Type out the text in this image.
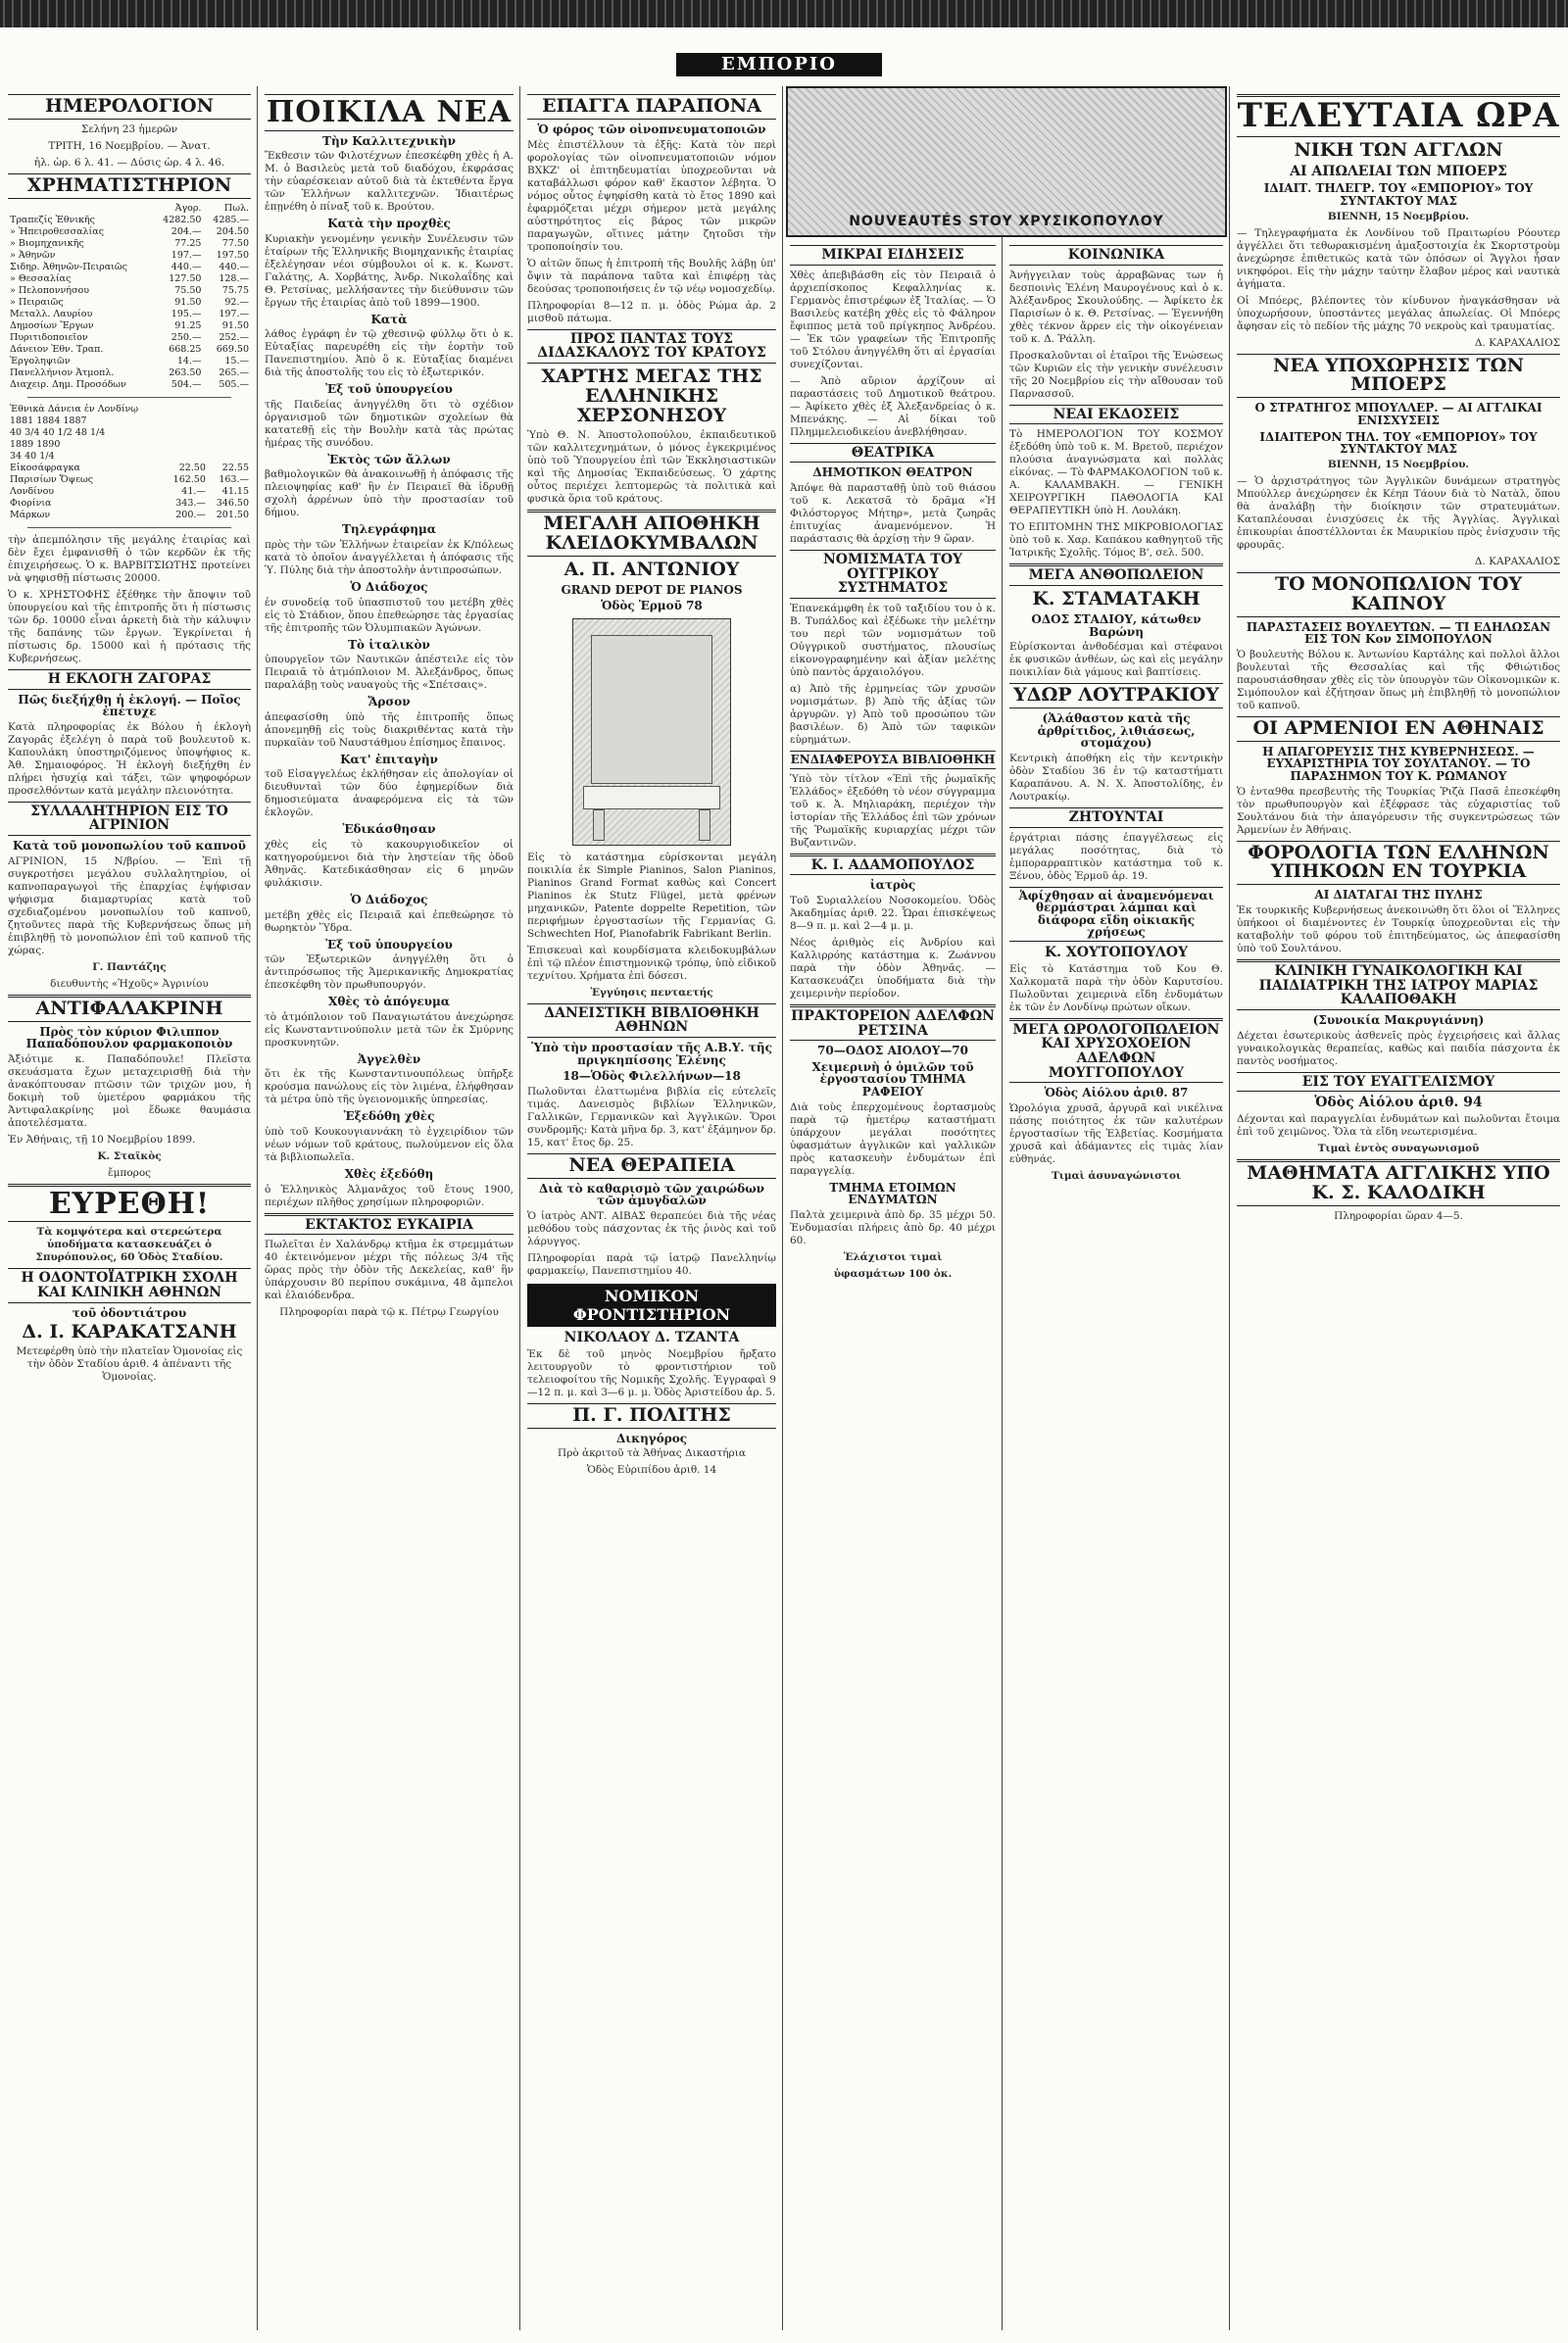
ΕΜΠΟΡΙΟ
ΗΜΕΡΟΛΟΓΙΟΝ
Σελήνη 23 ἡμερῶν
ΤΡΙΤΗ, 16 Νοεμβρίου. — Ἀνατ.
ἡλ. ὡρ. 6 λ. 41. — Δύσις ὡρ. 4 λ. 46.
ΧΡΗΜΑΤΙΣΤΗΡΙΟΝ
	Ἀγορ.	Πωλ.
Τραπεζίς Ἐθνικῆς	4282.50	4285.—
» Ἠπειροθεσσαλίας	204.—	204.50
» Βιομηχανικῆς	77.25	77.50
» Ἀθηνῶν	197.—	197.50
Σιδηρ. Ἀθηνῶν-Πειραιῶς	440.—	440.—
» Θεσσαλίας	127.50	128.—
» Πελοποννήσου	75.50	75.75
» Πειραιῶς	91.50	92.—
Μεταλλ. Λαυρίου	195.—	197.—
Δημοσίων Ἔργων	91.25	91.50
Πυριτιδοποιεῖον	250.—	252.—
Δάνειον Ἐθν. Τραπ.	668.25	669.50
Ἐργοληψιῶν	14.—	15.—
Πανελλήνιον Ἀτμοπλ.	263.50	265.—
Διαχειρ. Δημ. Προσόδων	504.—	505.—
Ἐθνικὰ Δάνεια ἐν Λονδίνῳ		
1881 1884 1887		
40 3/4 40 1/2 48 1/4		
1889 1890		
34 40 1/4		
Εἰκοσάφραγκα	22.50	22.55
Παρισίων Ὄψεως	162.50	163.—
Λονδίνου	41.—	41.15
Φιορίνια	343.—	346.50
Μάρκων	200.—	201.50

τὴν ἀπεμπόλησιν τῆς μεγάλης ἐταιρίας καὶ δὲν ἔχει ἐμφανισθῆ ὁ τῶν κερδῶν ἐκ τῆς ἐπιχειρήσεως. Ὁ κ. ΒΑΡΒΙΤΣΙΩΤΗΣ προτείνει νὰ ψηφισθῇ πίστωσις 20000.

Ὁ κ. ΧΡΗΣΤΟΦΗΣ ἐξέθηκε τὴν ἄποψιν τοῦ ὑπουργείου καὶ τῆς ἐπιτροπῆς ὅτι ἡ πίστωσις τῶν δρ. 10000 εἶναι ἀρκετὴ διὰ τὴν κάλυψιν τῆς δαπάνης τῶν ἔργων. Ἐγκρίνεται ἡ πίστωσις δρ. 15000 καὶ ἡ πρότασις τῆς Κυβερνήσεως.

Η ΕΚΛΟΓΗ ΖΑΓΟΡΑΣ
Πῶς διεξήχθη ἡ ἐκλογή. — Ποῖος ἐπέτυχε

Κατὰ πληροφορίας ἐκ Βόλου ἡ ἐκλογὴ Ζαγορᾶς ἐξελέγη ὁ παρὰ τοῦ βουλευτοῦ κ. Καπουλάκη ὑποστηριζόμενος ὑποψήφιος κ. Ἀθ. Σημαιοφόρος. Ἡ ἐκλογὴ διεξήχθη ἐν πλήρει ἡσυχίᾳ καὶ τάξει, τῶν ψηφοφόρων προσελθόντων κατὰ μεγάλην πλειονότητα.

ΣΥΛΛΑΛΗΤΗΡΙΟΝ ΕΙΣ ΤΟ ΑΓΡΙΝΙΟΝ
Κατὰ τοῦ μονοπωλίου τοῦ καπνοῦ

ΑΓΡΙΝΙΟΝ, 15 Ν/βρίου. — Ἐπὶ τῇ συγκροτήσει μεγάλου συλλαλητηρίου, οἱ καπνοπαραγωγοὶ τῆς ἐπαρχίας ἐψήφισαν ψήφισμα διαμαρτυρίας κατὰ τοῦ σχεδιαζομένου μονοπωλίου τοῦ καπνοῦ, ζητοῦντες παρὰ τῆς Κυβερνήσεως ὅπως μὴ ἐπιβληθῇ τὸ μονοπώλιον ἐπὶ τοῦ καπνοῦ τῆς χώρας.

Γ. Παντάζης
διευθυντὴς «Ἠχοῦς» Ἀγρινίου
ΑΝΤΙΦΑΛΑΚΡΙΝΗ
Πρὸς τὸν κύριον Φιλιππον Παπαδόπουλον φαρμακοποιὸν

Ἀξιότιμε κ. Παπαδόπουλε! Πλεῖστα σκευάσματα ἔχων μεταχειρισθῇ διὰ τὴν ἀνακόπτουσαν πτῶσιν τῶν τριχῶν μου, ἡ δοκιμὴ τοῦ ὑμετέρου φαρμάκου τῆς Ἀντιφαλακρίνης μοὶ ἔδωκε θαυμάσια ἀποτελέσματα.

Ἐν Ἀθήναις, τῇ 10 Νοεμβρίου 1899.
Κ. Σταϊκὸς
ἔμπορος
ΕΥΡΕΘΗ!

Τὰ κομψότερα καὶ στερεώτερα ὑποδήματα κατασκευάζει ὁ Σπυρόπουλος, 60 Ὁδὸς Σταδίου.

Η ΟΔΟΝΤΟΪΑΤΡΙΚΗ ΣΧΟΛΗ ΚΑΙ ΚΛΙΝΙΚΗ ΑΘΗΝΩΝ
τοῦ ὀδοντιάτρου
Δ. Ι. ΚΑΡΑΚΑΤΣΑΝΗ

Μετεφέρθη ὑπὸ τὴν πλατεῖαν Ὁμονοίας εἰς τὴν ὁδὸν Σταδίου ἀριθ. 4 ἀπέναντι τῆς Ὁμονοίας.

ΠΟΙΚΙΛΑ ΝΕΑ
Τὴν Καλλιτεχνικὴν

Ἔκθεσιν τῶν Φιλοτέχνων ἐπεσκέφθη χθὲς ἡ Α. Μ. ὁ Βασιλεὺς μετὰ τοῦ διαδόχου, ἐκφράσας τὴν εὐαρέσκειαν αὐτοῦ διὰ τὰ ἐκτεθέντα ἔργα τῶν Ἑλλήνων καλλιτεχνῶν. Ἰδιαιτέρως ἐπῃνέθη ὁ πίναξ τοῦ κ. Βρούτου.

Κατὰ τὴν προχθὲς

Κυριακὴν γενομένην γενικὴν Συνέλευσιν τῶν ἑταίρων τῆς Ἑλληνικῆς Βιομηχανικῆς ἑταιρίας ἐξελέγησαν νέοι σύμβουλοι οἱ κ. κ. Κωνστ. Γαλάτης, Α. Χορβάτης, Ἀνδρ. Νικολαΐδης καὶ Θ. Ρετσίνας, μελλήσαντες τὴν διεύθυνσιν τῶν ἔργων τῆς ἑταιρίας ἀπὸ τοῦ 1899—1900.

Κατὰ

λάθος ἐγράφη ἐν τῷ χθεσινῷ φύλλῳ ὅτι ὁ κ. Εὐταξίας παρευρέθη εἰς τὴν ἑορτὴν τοῦ Πανεπιστημίου. Ἀπὸ ὃ κ. Εὐταξίας διαμένει διὰ τῆς ἀποστολῆς του εἰς τὸ ἐξωτερικόν.

Ἐξ τοῦ ὑπουργείου

τῆς Παιδείας ἀνηγγέλθη ὅτι τὸ σχέδιον ὀργανισμοῦ τῶν δημοτικῶν σχολείων θὰ κατατεθῇ εἰς τὴν Βουλὴν κατὰ τὰς πρώτας ἡμέρας τῆς συνόδου.

Ἐκτὸς τῶν ἄλλων

βαθμολογικῶν θὰ ἀνακοινωθῇ ἡ ἀπόφασις τῆς πλειοψηφίας καθ' ἣν ἐν Πειραιεῖ θὰ ἱδρυθῇ σχολὴ ἀρρένων ὑπὸ τὴν προστασίαν τοῦ δήμου.

Τηλεγράφημα

πρὸς τὴν τῶν Ἐλλήνων ἑταιρείαν ἐκ Κ/πόλεως κατὰ τὸ ὁποῖον ἀναγγέλλεται ἡ ἀπόφασις τῆς Ὑ. Πύλης διὰ τὴν ἀποστολὴν ἀντιπροσώπων.

Ὁ Διάδοχος

ἐν συνοδείᾳ τοῦ ὑπασπιστοῦ του μετέβη χθὲς εἰς τὸ Στάδιον, ὅπου ἐπεθεώρησε τὰς ἐργασίας τῆς ἐπιτροπῆς τῶν Ὀλυμπιακῶν Ἀγώνων.

Τὸ ἰταλικὸν

ὑπουργεῖον τῶν Ναυτικῶν ἀπέστειλε εἰς τὸν Πειραιᾶ τὸ ἀτμόπλοιον Μ. Ἀλεξάνδρος, ὅπως παραλάβῃ τοὺς ναυαγοὺς τῆς «Σπέτσαις».

Ἄρσον

ἀπεφασίσθη ὑπὸ τῆς ἐπιτροπῆς ὅπως ἀπονεμηθῇ εἰς τοὺς διακριθέντας κατὰ τὴν πυρκαϊὰν τοῦ Ναυστάθμου ἐπίσημος ἔπαινος.

Κατ' ἐπιταγὴν

τοῦ Εἰσαγγελέως ἐκλήθησαν εἰς ἀπολογίαν οἱ διευθυνταὶ τῶν δύο ἐφημερίδων διὰ δημοσιεύματα ἀναφερόμενα εἰς τὰ τῶν ἐκλογῶν.

Ἐδικάσθησαν

χθὲς εἰς τὸ κακουργιοδικεῖον οἱ κατηγορούμενοι διὰ τὴν ληστείαν τῆς ὁδοῦ Ἀθηνᾶς. Κατεδικάσθησαν εἰς 6 μηνῶν φυλάκισιν.

Ὁ Διάδοχος

μετέβη χθὲς εἰς Πειραιᾶ καὶ ἐπεθεώρησε τὸ θωρηκτὸν Ὕδρα.

Ἐξ τοῦ ὑπουργείου

τῶν Ἐξωτερικῶν ἀνηγγέλθη ὅτι ὁ ἀντιπρόσωπος τῆς Ἀμερικανικῆς Δημοκρατίας ἐπεσκέφθη τὸν πρωθυπουργόν.

Χθὲς τὸ ἀπόγευμα

τὸ ἀτμόπλοιον τοῦ Παναγιωτάτου ἀνεχώρησε εἰς Κωνσταντινούπολιν μετὰ τῶν ἐκ Σμύρνης προσκυνητῶν.

Ἀγγελθὲν

ὅτι ἐκ τῆς Κωνσταντινουπόλεως ὑπῆρξε κρούσμα πανώλους εἰς τὸν λιμένα, ἐλήφθησαν τὰ μέτρα ὑπὸ τῆς ὑγειονομικῆς ὑπηρεσίας.

Ἐξεδόθη χθὲς

ὑπὸ τοῦ Κουκουγιαννάκη τὸ ἐγχειρίδιον τῶν νέων νόμων τοῦ κράτους, πωλούμενον εἰς ὅλα τὰ βιβλιοπωλεῖα.

Χθὲς ἐξεδόθη

ὁ Ἑλληνικὸς Ἀλμανᾶχος τοῦ ἔτους 1900, περιέχων πλῆθος χρησίμων πληροφοριῶν.

ΕΚΤΑΚΤΟΣ ΕΥΚΑΙΡΙΑ

Πωλεῖται ἐν Χαλάνδρῳ κτῆμα ἐκ στρεμμάτων 40 ἐκτεινόμενον μέχρι τῆς πόλεως 3/4 τῆς ὥρας πρὸς τὴν ὁδὸν τῆς Δεκελείας, καθ' ἣν ὑπάρχουσιν 80 περίπου συκάμινα, 48 ἄμπελοι καὶ ἐλαιόδενδρα.

Πληροφορίαι παρὰ τῷ κ. Πέτρῳ Γεωργίου
ΕΠΑΓΓΑ ΠΑΡΑΠΟΝΑ
Ὁ φόρος τῶν οἰνοπνευματοποιῶν

Μὲς ἐπιστέλλουν τὰ ἑξῆς: Κατὰ τὸν περὶ φορολογίας τῶν οἰνοπνευματοποιῶν νόμον ΒΧΚΖ' οἱ ἐπιτηδευματίαι ὑποχρεοῦνται νὰ καταβάλλωσι φόρον καθ' ἕκαστον λέβητα. Ὁ νόμος οὗτος ἐψηφίσθη κατὰ τὸ ἔτος 1890 καὶ ἐφαρμόζεται μέχρι σήμερον μετὰ μεγάλης αὐστηρότητος εἰς βάρος τῶν μικρῶν παραγωγῶν, οἵτινες μάτην ζητοῦσι τὴν τροποποίησίν του.

Ὁ αἰτῶν ὅπως ἡ ἐπιτροπὴ τῆς Βουλῆς λάβῃ ὑπ' ὄψιν τὰ παράπονα ταῦτα καὶ ἐπιφέρῃ τὰς δεούσας τροποποιήσεις ἐν τῷ νέῳ νομοσχεδίῳ.

Πληροφορίαι 8—12 π. μ. ὁδὸς Ρώμα ἀρ. 2 μισθοῦ πάτωμα.

ΠΡΟΣ ΠΑΝΤΑΣ ΤΟΥΣ ΔΙΔΑΣΚΑΛΟΥΣ ΤΟΥ ΚΡΑΤΟΥΣ
ΧΑΡΤΗΣ ΜΕΓΑΣ ΤΗΣ ΕΛΛΗΝΙΚΗΣ ΧΕΡΣΟΝΗΣΟΥ

Ὑπὸ Θ. Ν. Ἀποστολοπούλου, ἐκπαιδευτικοῦ τῶν καλλιτεχνημάτων, ὁ μόνος ἐγκεκριμένος ὑπὸ τοῦ Ὑπουργείου ἐπὶ τῶν Ἐκκλησιαστικῶν καὶ τῆς Δημοσίας Ἐκπαιδεύσεως. Ὁ χάρτης οὗτος περιέχει λεπτομερῶς τὰ πολιτικὰ καὶ φυσικὰ ὅρια τοῦ κράτους.

ΜΕΓΑΛΗ ΑΠΟΘΗΚΗ ΚΛΕΙΔΟΚΥΜΒΑΛΩΝ
Α. Π. ΑΝΤΩΝΙΟΥ
GRAND DEPOT DE PIANOS
Ὁδὸς Ἑρμοῦ 78

Εἰς τὸ κατάστημα εὑρίσκονται μεγάλη ποικιλία ἐκ Simple Pianinos, Salon Pianinos, Pianinos Grand Format καθὼς καὶ Concert Pianinos ἐκ Stutz Flügel, μετὰ φρένων μηχανικῶν, Patente doppelte Repetition, τῶν περιφήμων ἐργοστασίων τῆς Γερμανίας G. Schwechten Hof, Pianofabrik Fabrikant Berlin.

Ἐπισκευαὶ καὶ κουρδίσματα κλειδοκυμβάλων ἐπὶ τῷ πλέον ἐπιστημονικῷ τρόπῳ, ὑπὸ εἰδικοῦ τεχνίτου. Χρήματα ἐπὶ δόσεσι.

Ἐγγύησις πενταετής
ΔΑΝΕΙΣΤΙΚΗ ΒΙΒΛΙΟΘΗΚΗ ΑΘΗΝΩΝ
Ὑπὸ τὴν προστασίαν τῆς Α.Β.Υ. τῆς πριγκηπίσσης Ἑλένης
18—Ὁδὸς Φιλελλήνων—18

Πωλοῦνται ἐλαττωμένα βιβλία εἰς εὐτελεῖς τιμάς. Δανεισμὸς βιβλίων Ἑλληνικῶν, Γαλλικῶν, Γερμανικῶν καὶ Ἀγγλικῶν. Ὅροι συνδρομῆς: Κατὰ μῆνα δρ. 3, κατ' ἐξάμηνον δρ. 15, κατ' ἔτος δρ. 25.

ΝΕΑ ΘΕΡΑΠΕΙΑ
Διὰ τὸ καθαρισμὸ τῶν χαιρώδων τῶν ἀμυγδαλῶν

Ὁ ἰατρὸς ΑΝΤ. ΑΙΒΑΣ θεραπεύει διὰ τῆς νέας μεθόδου τοὺς πάσχοντας ἐκ τῆς ῥινὸς καὶ τοῦ λάρυγγος.

Πληροφορίαι παρὰ τῷ ἰατρῷ Πανελληνίῳ φαρμακείῳ, Πανεπιστημίου 40.

ΝΟΜΙΚΟΝ ΦΡΟΝΤΙΣΤΗΡΙΟΝ
ΝΙΚΟΛΑΟΥ Δ. ΤΖΑΝΤΑ

Ἐκ δὲ τοῦ μηνὸς Νοεμβρίου ἤρξατο λειτουργοῦν τὸ φροντιστήριον τοῦ τελειοφοίτου τῆς Νομικῆς Σχολῆς. Ἐγγραφαὶ 9—12 π. μ. καὶ 3—6 μ. μ. Ὁδὸς Ἀριστείδου ἀρ. 5.

Π. Γ. ΠΟΛΙΤΗΣ
Δικηγόρος
Πρὸ ἀκριτοῦ τὰ Ἀθήνας Δικαστήρια
Ὁδὸς Εὐριπίδου ἀριθ. 14
NOUVEAUTÉS STOY ΧΡΥΣΙΚΟΠΟΥΛΟΥ
ΜΙΚΡΑΙ ΕΙΔΗΣΕΙΣ

Χθὲς ἀπεβιβάσθη εἰς τὸν Πειραιᾶ ὁ ἀρχιεπίσκοπος Κεφαλληνίας κ. Γερμανὸς ἐπιστρέφων ἐξ Ἰταλίας. — Ὁ Βασιλεὺς κατέβη χθὲς εἰς τὸ Φάληρον ἔφιππος μετὰ τοῦ πρίγκηπος Ἀνδρέου. — Ἐκ τῶν γραφείων τῆς Ἐπιτροπῆς τοῦ Στόλου ἀνηγγέλθη ὅτι αἱ ἐργασίαι συνεχίζονται.

— Ἀπὸ αὔριον ἀρχίζουν αἱ παραστάσεις τοῦ Δημοτικοῦ θεάτρου. — Ἀφίκετο χθὲς ἐξ Ἀλεξανδρείας ὁ κ. Μπενάκης. — Αἱ δίκαι τοῦ Πλημμελειοδικείου ἀνεβλήθησαν.

ΘΕΑΤΡΙΚΑ
ΔΗΜΟΤΙΚΟΝ ΘΕΑΤΡΟΝ

Ἀπόψε θὰ παρασταθῇ ὑπὸ τοῦ θιάσου τοῦ κ. Λεκατσᾶ τὸ δρᾶμα «Ἡ Φιλόστοργος Μήτηρ», μετὰ ζωηρᾶς ἐπιτυχίας ἀναμενόμενον. Ἡ παράστασις θὰ ἀρχίσῃ τὴν 9 ὥραν.

ΝΟΜΙΣΜΑΤΑ ΤΟΥ ΟΥΓΓΡΙΚΟΥ ΣΥΣΤΗΜΑΤΟΣ

Ἐπανεκάμφθη ἐκ τοῦ ταξιδίου του ὁ κ. Β. Τυπάλδος καὶ ἐξέδωκε τὴν μελέτην του περὶ τῶν νομισμάτων τοῦ Οὐγγρικοῦ συστήματος, πλουσίως εἰκονογραφημένην καὶ ἀξίαν μελέτης ὑπὸ παντὸς ἀρχαιολόγου.

α) Ἀπὸ τῆς ἑρμηνείας τῶν χρυσῶν νομισμάτων. β) Ἀπὸ τῆς ἀξίας τῶν ἀργυρῶν. γ) Ἀπὸ τοῦ προσώπου τῶν βασιλέων. δ) Ἀπὸ τῶν ταφικῶν εὑρημάτων.

ΕΝΔΙΑΦΕΡΟΥΣΑ ΒΙΒΛΙΟΘΗΚΗ

Ὑπὸ τὸν τίτλον «Ἐπὶ τῆς ῥωμαϊκῆς Ἑλλάδος» ἐξεδόθη τὸ νέον σύγγραμμα τοῦ κ. Ἀ. Μηλιαράκη, περιέχον τὴν ἱστορίαν τῆς Ἑλλάδος ἐπὶ τῶν χρόνων τῆς Ῥωμαϊκῆς κυριαρχίας μέχρι τῶν Βυζαντινῶν.

Κ. Ι. ΑΔΑΜΟΠΟΥΛΟΣ
ἰατρὸς

Τοῦ Συριαλλείου Νοσοκομείου. Ὁδὸς Ἀκαδημίας ἀριθ. 22. Ὧραι ἐπισκέψεως 8—9 π. μ. καὶ 2—4 μ. μ.

Νέος ἀριθμὸς εἰς Ἀνδρίου καὶ Καλλιρρόης κατάστημα κ. Ζωάννου παρὰ τὴν ὁδὸν Ἀθηνᾶς. — Κατασκευάζει ὑποδήματα διὰ τὴν χειμερινὴν περίοδον.

ΠΡΑΚΤΟΡΕΙΟΝ ΑΔΕΛΦΩΝ ΡΕΤΣΙΝΑ
70—ΟΔΟΣ ΑΙΟΛΟΥ—70
Χειμερινὴ ὁ ὁμιλῶν τοῦ ἐργοστασίου ΤΜΗΜΑ ΡΑΦΕΙΟΥ

Διὰ τοὺς ἐπερχομένους ἑορτασμοὺς παρὰ τῷ ἡμετέρῳ καταστήματι ὑπάρχουν μεγάλαι ποσότητες ὑφασμάτων ἀγγλικῶν καὶ γαλλικῶν πρὸς κατασκευὴν ἐνδυμάτων ἐπὶ παραγγελίᾳ.

ΤΜΗΜΑ ΕΤΟΙΜΩΝ ΕΝΔΥΜΑΤΩΝ

Παλτὰ χειμερινὰ ἀπὸ δρ. 35 μέχρι 50. Ἐνδυμασίαι πλήρεις ἀπὸ δρ. 40 μέχρι 60.

Ἐλάχιστοι τιμαὶ
ὑφασμάτων 100 ὀκ.
ΚΟΙΝΩΝΙΚΑ

Ἀνήγγειλαν τοὺς ἀρραβῶνας των ἡ δεσποινὶς Ἑλένη Μαυρογένους καὶ ὁ κ. Ἀλέξανδρος Σκουλούδης. — Ἀφίκετο ἐκ Παρισίων ὁ κ. Θ. Ρετσίνας. — Ἐγεννήθη χθὲς τέκνον ἄρρεν εἰς τὴν οἰκογένειαν τοῦ κ. Δ. Ῥάλλη.

Προσκαλοῦνται οἱ ἑταῖροι τῆς Ἑνώσεως τῶν Κυριῶν εἰς τὴν γενικὴν συνέλευσιν τῆς 20 Νοεμβρίου εἰς τὴν αἴθουσαν τοῦ Παρνασσοῦ.

ΝΕΑΙ ΕΚΔΟΣΕΙΣ

Τὸ ΗΜΕΡΟΛΟΓΙΟΝ ΤΟΥ ΚΟΣΜΟΥ ἐξεδόθη ὑπὸ τοῦ κ. Μ. Βρετοῦ, περιέχον πλούσια ἀναγνώσματα καὶ πολλὰς εἰκόνας. — Τὸ ΦΑΡΜΑΚΟΛΟΓΙΟΝ τοῦ κ. Α. ΚΑΛΑΜΒΑΚΗ. — ΓΕΝΙΚΗ ΧΕΙΡΟΥΡΓΙΚΗ ΠΑΘΟΛΟΓΙΑ ΚΑΙ ΘΕΡΑΠΕΥΤΙΚΗ ὑπὸ Η. Λουλάκη.

ΤΟ ΕΠΙΤΟΜΗΝ ΤΗΣ ΜΙΚΡΟΒΙΟΛΟΓΙΑΣ ὑπὸ τοῦ κ. Χαρ. Καπάκου καθηγητοῦ τῆς Ἰατρικῆς Σχολῆς. Τόμος Β', σελ. 500.

ΜΕΓΑ ΑΝΘΟΠΩΛΕΙΟΝ
Κ. ΣΤΑΜΑΤΑΚΗ
ΟΔΟΣ ΣΤΑΔΙΟΥ, κάτωθεν Βαρώνη

Εὑρίσκονται ἀνθοδέσμαι καὶ στέφανοι ἐκ φυσικῶν ἀνθέων, ὡς καὶ εἰς μεγάλην ποικιλίαν διὰ γάμους καὶ βαπτίσεις.

ΥΔΩΡ ΛΟΥΤΡΑΚΙΟΥ
(Ἀλάθαστον κατὰ τῆς ἀρθρίτιδος, λιθιάσεως, στομάχου)

Κεντρικὴ ἀποθήκη εἰς τὴν κεντρικὴν ὁδὸν Σταδίου 36 ἐν τῷ καταστήματι Καραπάνου. Α. Ν. Χ. Ἀποστολίδης, ἐν Λουτρακίῳ.

ΖΗΤΟΥΝΤΑΙ

ἐργάτριαι πάσης ἐπαγγέλσεως εἰς μεγάλας ποσότητας, διὰ τὸ ἐμποραρραπτικὸν κατάστημα τοῦ κ. Ξένου, ὁδὸς Ἑρμοῦ ἀρ. 19.

Ἀφίχθησαν αἱ ἀναμενόμεναι θερμάστραι λάμπαι καὶ διάφορα εἴδη οἰκιακῆς χρήσεως
Κ. ΧΟΥΤΟΠΟΥΛΟΥ

Εἰς τὸ Κατάστημα τοῦ Κου Θ. Χαλκοματᾶ παρὰ τὴν ὁδὸν Καρυτσίου. Πωλοῦνται χειμερινὰ εἴδη ἐνδυμάτων ἐκ τῶν ἐν Λονδίνῳ πρώτων οἴκων.

ΜΕΓΑ ΩΡΟΛΟΓΟΠΩΛΕΙΟΝ ΚΑΙ ΧΡΥΣΟΧΟΕΙΟΝ ΑΔΕΛΦΩΝ ΜΟΥΓΓΟΠΟΥΛΟΥ
Ὁδὸς Αἰόλου ἀριθ. 87

Ὡρολόγια χρυσᾶ, ἀργυρᾶ καὶ νικέλινα πάσης ποιότητος ἐκ τῶν καλυτέρων ἐργοστασίων τῆς Ἑλβετίας. Κοσμήματα χρυσᾶ καὶ ἀδάμαντες εἰς τιμὰς λίαν εὐθηνάς.

Τιμαὶ ἀσυναγώνιστοι
ΤΕΛΕΥΤΑΙΑ ΩΡΑ
ΝΙΚΗ ΤΩΝ ΑΓΓΛΩΝ
ΑΙ ΑΠΩΛΕΙΑΙ ΤΩΝ ΜΠΟΕΡΣ
ΙΔΙΑΙΤ. ΤΗΛΕΓΡ. ΤΟΥ «ΕΜΠΟΡΙΟΥ» ΤΟΥ ΣΥΝΤΑΚΤΟΥ ΜΑΣ
ΒΙΕΝΝΗ, 15 Νοεμβρίου.

— Τηλεγραφήματα ἐκ Λονδίνου τοῦ Πραιτωρίου Ρόουτερ ἀγγέλλει ὅτι τεθωρακισμένη ἁμαξοστοιχία ἐκ Σκορτστροὺμ ἀνεχώρησε ἐπιθετικῶς κατὰ τῶν ὁπόσων οἱ Ἄγγλοι ἦσαν νικηφόροι. Εἰς τὴν μάχην ταύτην ἔλαβον μέρος καὶ ναυτικὰ ἀγήματα.

Οἱ Μπόερς, βλέποντες τὸν κίνδυνον ἠναγκάσθησαν νὰ ὑποχωρήσουν, ὑποστάντες μεγάλας ἀπωλείας. Οἱ Μπόερς ἄφησαν εἰς τὸ πεδίον τῆς μάχης 70 νεκροὺς καὶ τραυματίας.

Δ. ΚΑΡΑΧΑΛΙΟΣ
ΝΕΑ ΥΠΟΧΩΡΗΣΙΣ ΤΩΝ ΜΠΟΕΡΣ
Ο ΣΤΡΑΤΗΓΟΣ ΜΠΟΥΛΛΕΡ. — ΑΙ ΑΓΓΛΙΚΑΙ ΕΝΙΣΧΥΣΕΙΣ
ΙΔΙΑΙΤΕΡΟΝ ΤΗΛ. ΤΟΥ «ΕΜΠΟΡΙΟΥ» ΤΟΥ ΣΥΝΤΑΚΤΟΥ ΜΑΣ
ΒΙΕΝΝΗ, 15 Νοεμβρίου.

— Ὁ ἀρχιστράτηγος τῶν Ἀγγλικῶν δυνάμεων στρατηγὸς Μπούλλερ ἀνεχώρησεν ἐκ Κέηπ Τάουν διὰ τὸ Νατὰλ, ὅπου θὰ ἀναλάβῃ τὴν διοίκησιν τῶν στρατευμάτων. Καταπλέουσαι ἐνισχύσεις ἐκ τῆς Ἀγγλίας. Ἀγγλικαὶ ἐπικουρίαι ἀποστέλλονται ἐκ Μαυρικίου πρὸς ἐνίσχυσιν τῆς φρουρᾶς.

Δ. ΚΑΡΑΧΑΛΙΟΣ
ΤΟ ΜΟΝΟΠΩΛΙΟΝ ΤΟΥ ΚΑΠΝΟΥ
ΠΑΡΑΣΤΑΣΕΙΣ ΒΟΥΛΕΥΤΩΝ. — ΤΙ ΕΔΗΛΩΣΑΝ ΕΙΣ ΤΟΝ Κον ΣΙΜΟΠΟΥΛΟΝ

Ὁ βουλευτὴς Βόλου κ. Ἀντωνίου Καρτάλης καὶ πολλοὶ ἄλλοι βουλευταὶ τῆς Θεσσαλίας καὶ τῆς Φθιώτιδος παρουσιάσθησαν χθὲς εἰς τὸν ὑπουργὸν τῶν Οἰκονομικῶν κ. Σιμόπουλον καὶ ἐζήτησαν ὅπως μὴ ἐπιβληθῇ τὸ μονοπώλιον τοῦ καπνοῦ.

ΟΙ ΑΡΜΕΝΙΟΙ ΕΝ ΑΘΗΝΑΙΣ
Η ΑΠΑΓΟΡΕΥΣΙΣ ΤΗΣ ΚΥΒΕΡΝΗΣΕΩΣ. — ΕΥΧΑΡΙΣΤΗΡΙΑ ΤΟΥ ΣΟΥΛΤΑΝΟΥ. — ΤΟ ΠΑΡΑΣΗΜΟΝ ΤΟΥ Κ. ΡΩΜΑΝΟΥ

Ὁ ἐντα9θα πρεσβευτὴς τῆς Τουρκίας Ῥιζὰ Πασᾶ ἐπεσκέφθη τὸν πρωθυπουργὸν καὶ ἐξέφρασε τὰς εὐχαριστίας τοῦ Σουλτάνου διὰ τὴν ἀπαγόρευσιν τῆς συγκεντρώσεως τῶν Ἀρμενίων ἐν Ἀθήναις.

ΦΟΡΟΛΟΓΙΑ ΤΩΝ ΕΛΛΗΝΩΝ ΥΠΗΚΟΩΝ ΕΝ ΤΟΥΡΚΙΑ
ΑΙ ΔΙΑΤΑΓΑΙ ΤΗΣ ΠΥΛΗΣ

Ἐκ τουρκικῆς Κυβερνήσεως ἀνεκοινώθη ὅτι ὅλοι οἱ Ἕλληνες ὑπήκοοι οἱ διαμένοντες ἐν Τουρκίᾳ ὑποχρεοῦνται εἰς τὴν καταβολὴν τοῦ φόρου τοῦ ἐπιτηδεύματος, ὡς ἀπεφασίσθη ὑπὸ τοῦ Σουλτάνου.

ΚΛΙΝΙΚΗ ΓΥΝΑΙΚΟΛΟΓΙΚΗ ΚΑΙ ΠΑΙΔΙΑΤΡΙΚΗ ΤΗΣ ΙΑΤΡΟΥ ΜΑΡΙΑΣ ΚΑΛΑΠΟΘΑΚΗ
(Συνοικία Μακρυγιάννη)

Δέχεται ἐσωτερικοὺς ἀσθενεῖς πρὸς ἐγχειρήσεις καὶ ἄλλας γυναικολογικὰς θεραπείας, καθὼς καὶ παιδία πάσχοντα ἐκ παντὸς νοσήματος.

ΕΙΣ ΤΟΥ ΕΥΑΓΓΕΛΙΣΜΟΥ
Ὁδὸς Αἰόλου ἀριθ. 94

Δέχονται καὶ παραγγελίαι ἐνδυμάτων καὶ πωλοῦνται ἔτοιμα ἐπὶ τοῦ χειμῶνος. Ὅλα τὰ εἴδη νεωτερισμένα.

Τιμαὶ ἐντὸς συναγωνισμοῦ
ΜΑΘΗΜΑΤΑ ΑΓΓΛΙΚΗΣ ΥΠΟ Κ. Σ. ΚΑΛΟΔΙΚΗ
Πληροφορίαι ὥραν 4—5.
